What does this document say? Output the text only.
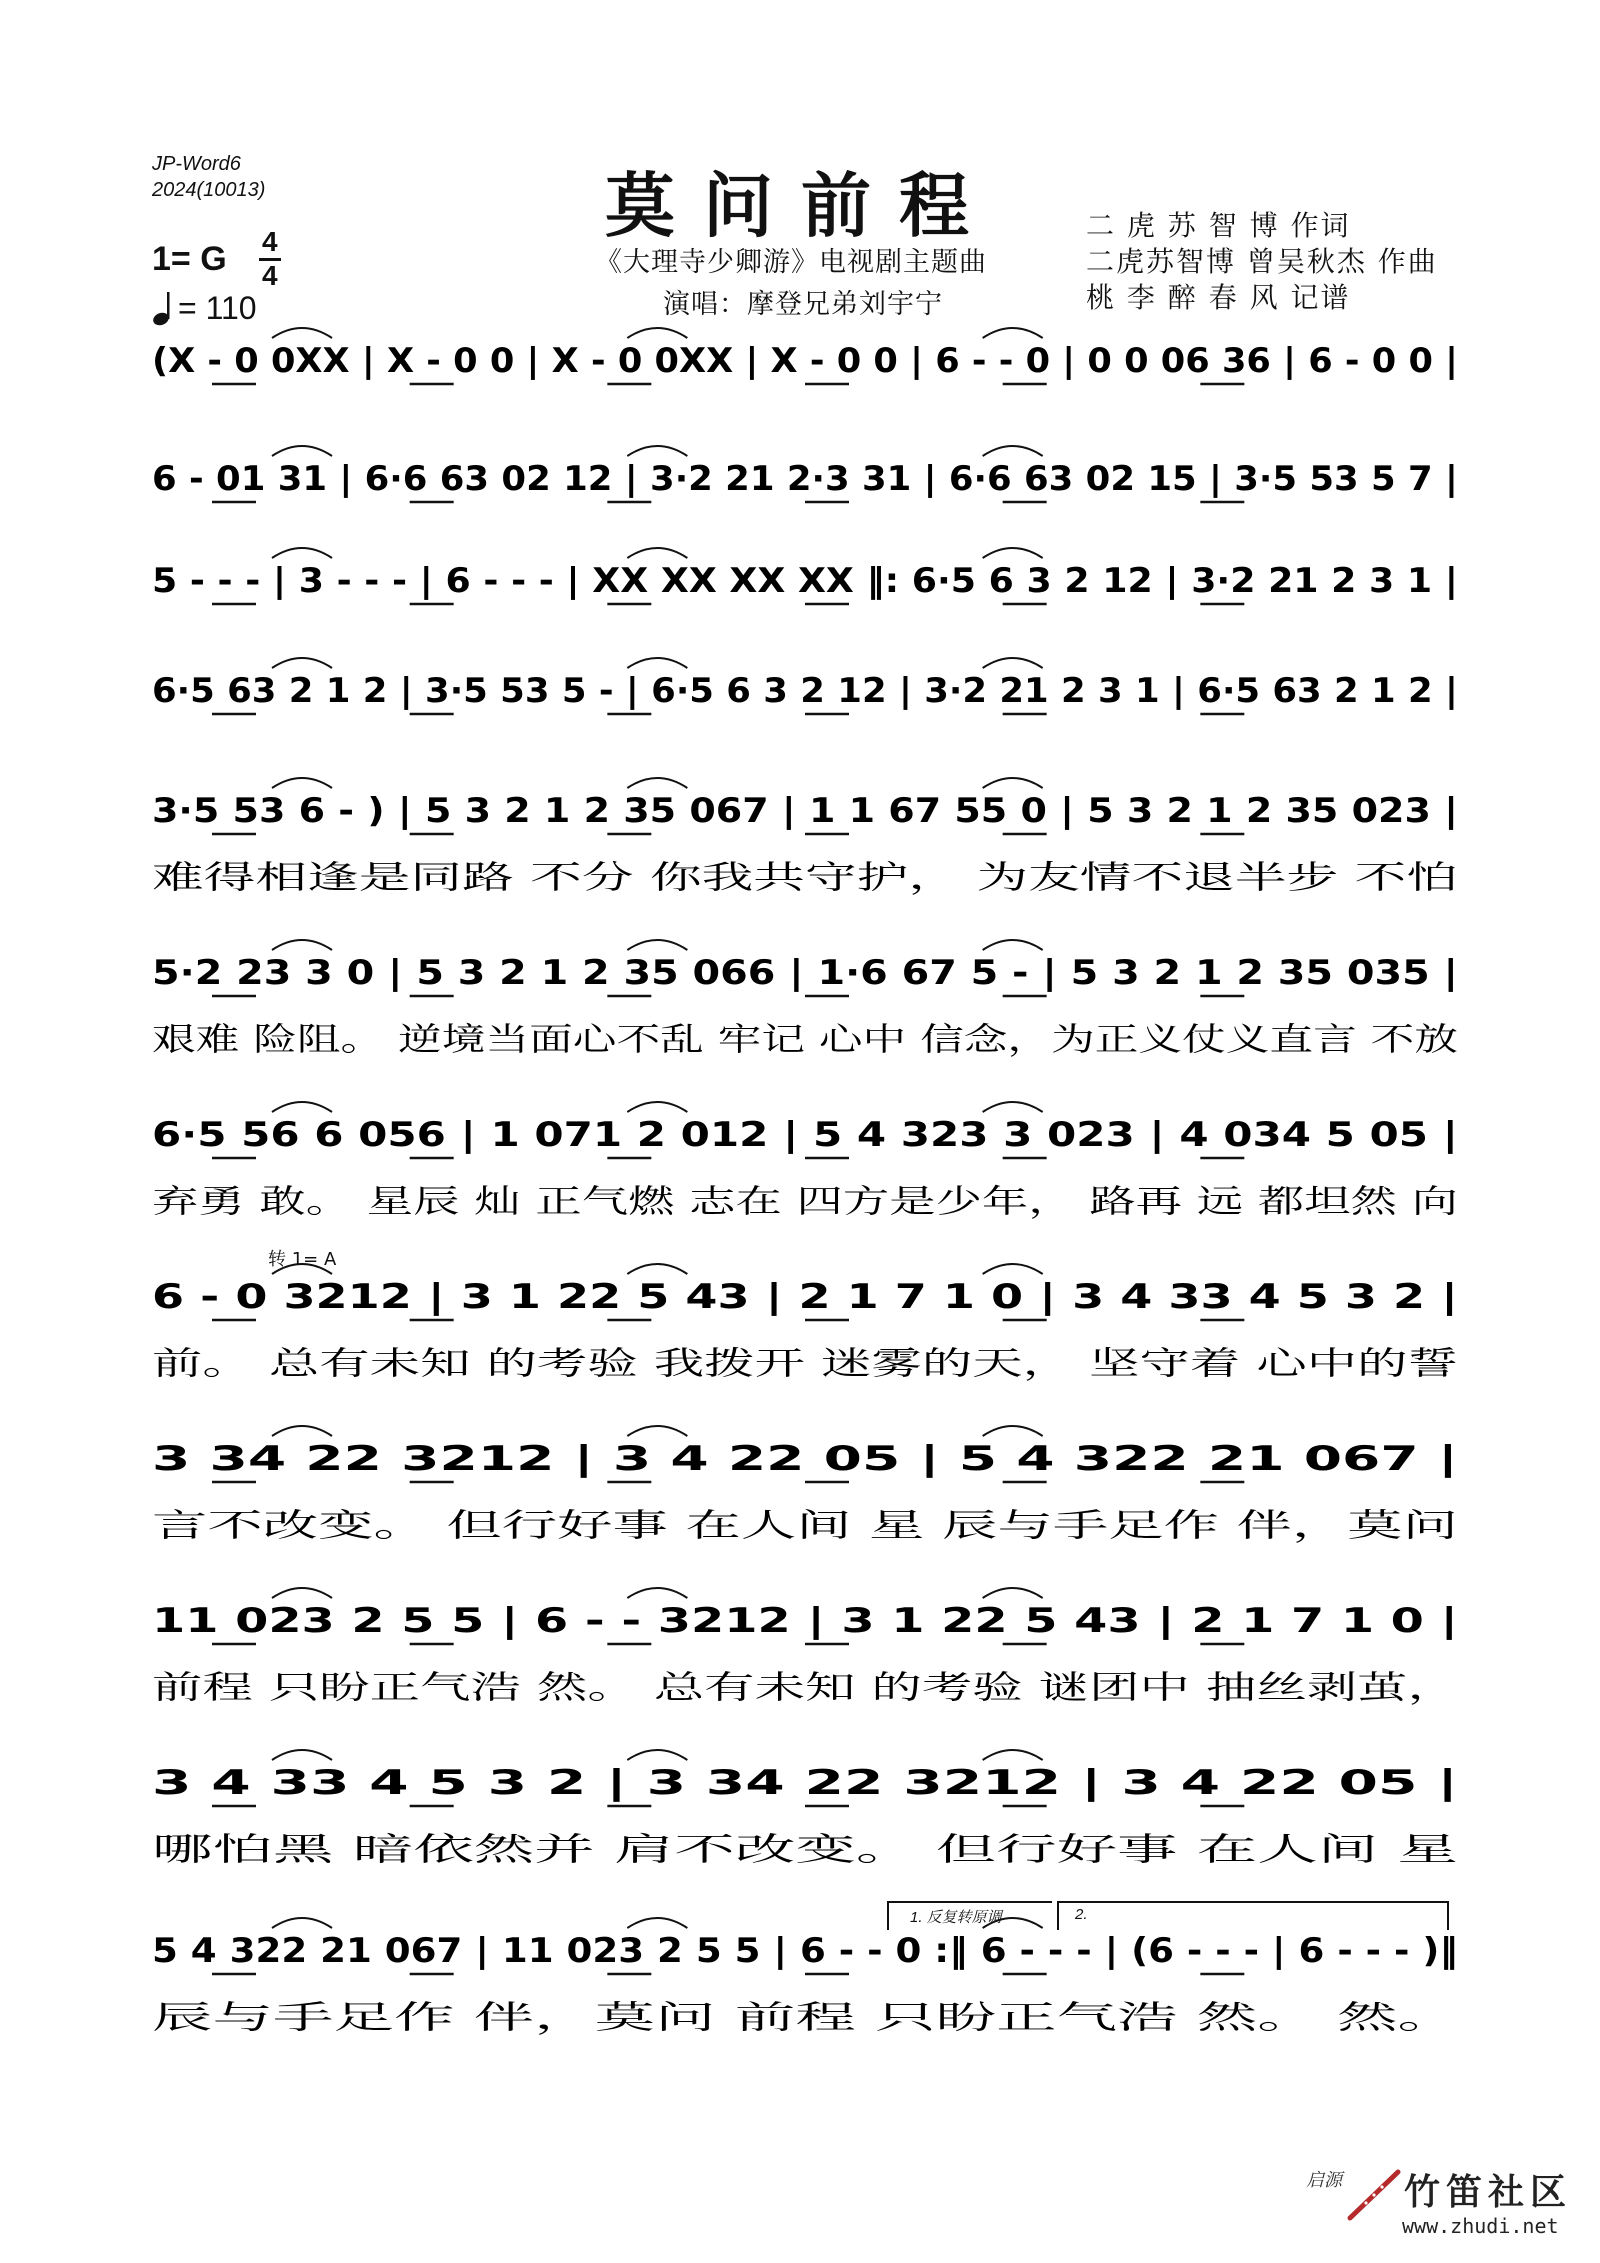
JP-Word6
2024(10013)	莫问前程
《大理寺少卿游》电视剧主题曲
演唱：摩登兄弟刘宇宁
二 虎 苏 智 博 作词
二虎苏智博 曾吴秋杰 作曲
桃 李 醉 春 风 记谱
1= G 4
4
= 110
(X - 0 0XX | X - 0 0 | X - 0 0XX | X - 0 0 | 6 - - 0 | 0 0 06 36 | 6 - 0 0 |
6 - 01 31 | 6·6 63 02 12 | 3·2 21 2·3 31 | 6·6 63 02 15 | 3·5 53 5 7 |
5 - - - | 3 - - - | 6 - - - | XX XX XX XX ‖: 6·5 6 3 2 12 | 3·2 21 2 3 1 |
6·5 63 2 1 2 | 3·5 53 5 - | 6·5 6 3 2 12 | 3·2 21 2 3 1 | 6·5 63 2 1 2 |
3·5 53 6 - ) | 5 3 2 1 2 35 067 | 1 1 67 55 0 | 5 3 2 1 2 35 023 |
难得相逢是同路 不分 你我共守护， 为友情不退半步 不怕
5·2 23 3 0 | 5 3 2 1 2 35 066 | 1·6 67 5 - | 5 3 2 1 2 35 035 |
艰难 险阻。 逆境当面心不乱 牢记 心中 信念，为正义仗义直言 不放
6·5 56 6 056 | 1 071 2 012 | 5 4 323 3 023 | 4 034 5 05 |
弃勇 敢。 星辰 灿 正气燃 志在 四方是少年， 路再 远 都坦然 向
6 - 0 3212 | 3 1 22 5 43 | 2 1 7 1 0 | 3 4 33 4 5 3 2 |
前。 总有未知 的考验 我拨开 迷雾的天， 坚守着 心中的誓
3 34 22 3212 | 3 4 22 05 | 5 4 322 21 067 |
言不改变。 但行好事 在人间 星 辰与手足作 伴，莫问
11 023 2 5 5 | 6 - - 3212 | 3 1 22 5 43 | 2 1 7 1 0 |
前程 只盼正气浩 然。 总有未知 的考验 谜团中 抽丝剥茧，
3 4 33 4 5 3 2 | 3 34 22 3212 | 3 4 22 05 |
哪怕黑 暗依然并 肩不改变。 但行好事 在人间 星
5 4 322 21 067 | 11 023 2 5 5 | 6 - - 0 :‖ 6 - - - | (6 - - - | 6 - - - )‖
辰与手足作 伴，莫问 前程 只盼正气浩 然。 然。
转 1= A
1. 反复转原调	2.
启源 竹笛社区
www.zhudi.net
